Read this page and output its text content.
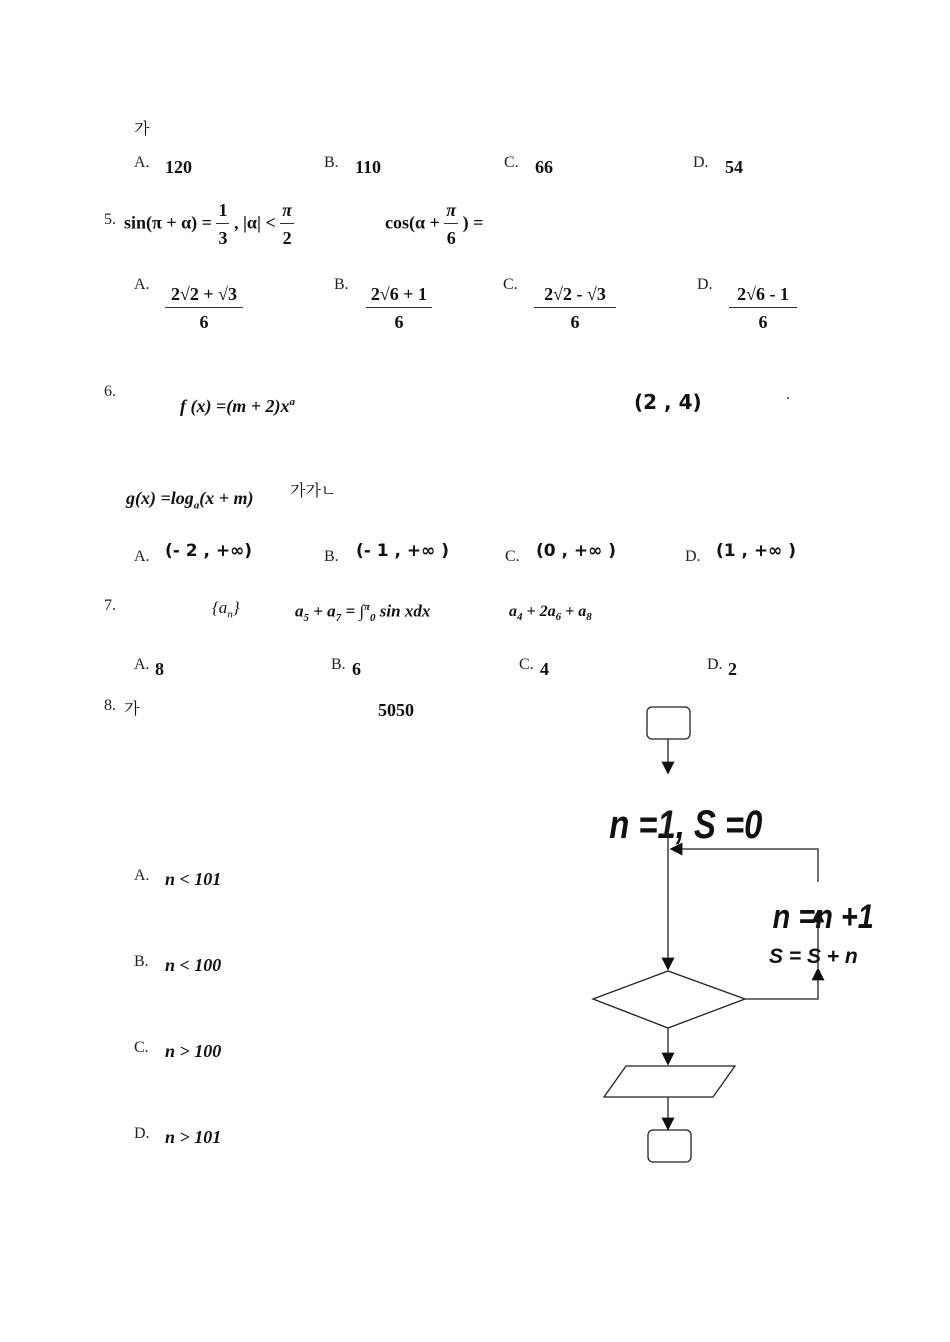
가
A. 120	B. 110	C. 66	D. 54
5. $\sin(\pi + \alpha) = \frac{1}{3}$ , $|\alpha| < \frac{\pi}{2}$	$\cos(\alpha + \frac{\pi}{6}$ ) =
A. $\frac{2√2 + √3}{6}$	B. $\frac{2√6 + 1}{6}$	C. $\frac{2√2 - √3}{6}$	D. $\frac{2√6 - 1}{6}$
6.
f $(x) =(m + 2)x^a$	(2 , 4)	.
$g(x) =\log_a(x + m)$ 가가ㄴ
A. (- 2 , +∞)	B. (- 1 , +∞ )	C. (0 , +∞ )	D. (1 , +∞ )
7.	$\{a_n\}$	$a_5 + a_7 = \int^\pi_0$ sin xdx	$a_4 + 2a_6 + a_8$
A. 8	B. 6	C. 4	D. 2
8. 가	5050
A. n < 101
B. n < 100
C. n > 100
D. n > 101
n =1, S =0
n =n +1
S = S + n
